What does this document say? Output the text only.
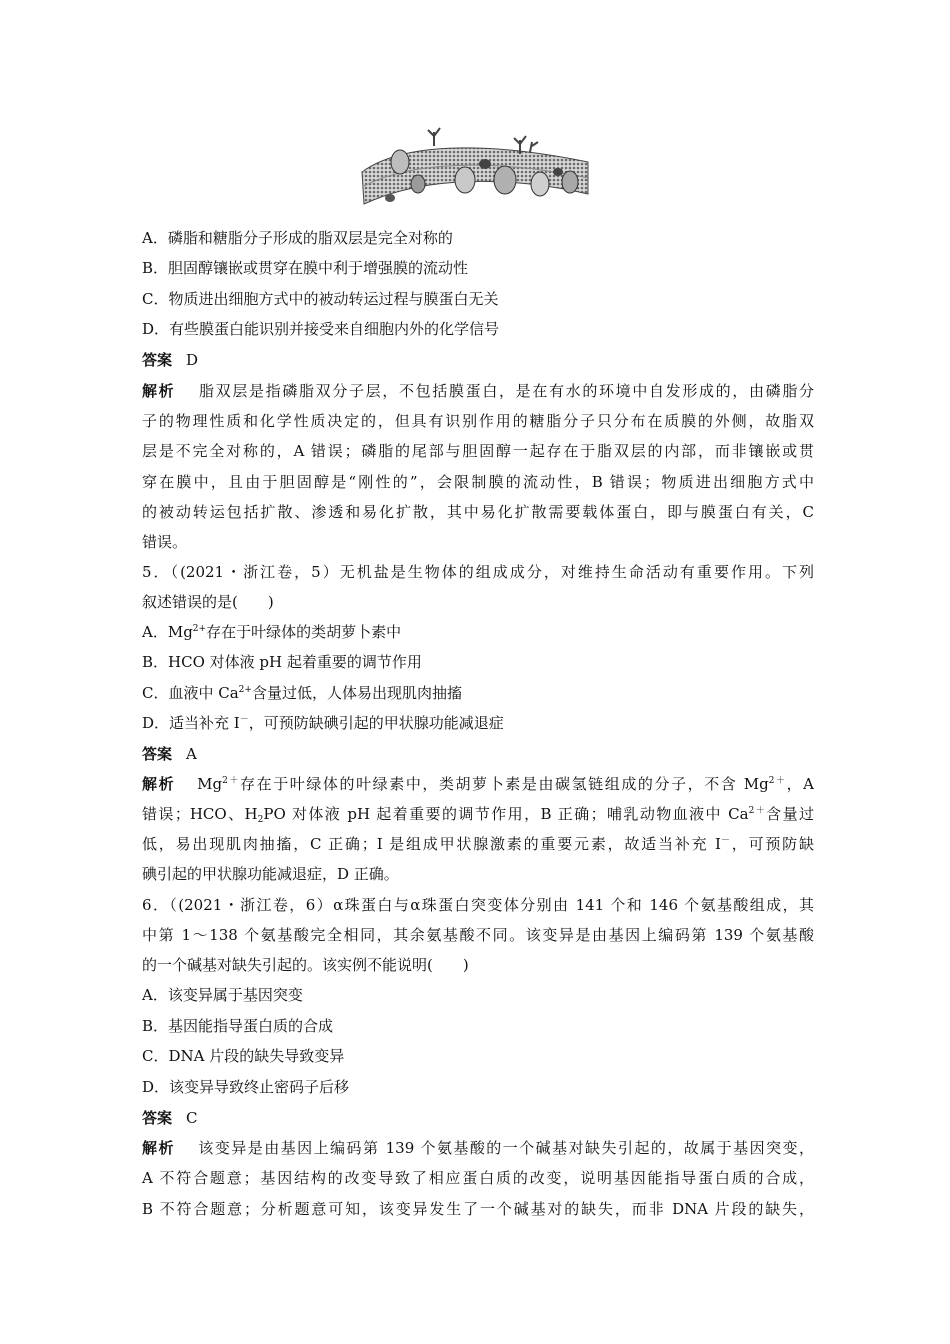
A．磷脂和糖脂分子形成的脂双层是完全对称的
B．胆固醇镶嵌或贯穿在膜中利于增强膜的流动性
C．物质进出细胞方式中的被动转运过程与膜蛋白无关
D．有些膜蛋白能识别并接受来自细胞内外的化学信号
答案 D
解析 脂双层是指磷脂双分子层，不包括膜蛋白，是在有水的环境中自发形成的，由磷脂分
子的物理性质和化学性质决定的，但具有识别作用的糖脂分子只分布在质膜的外侧，故脂双
层是不完全对称的，A 错误；磷脂的尾部与胆固醇一起存在于脂双层的内部，而非镶嵌或贯
穿在膜中，且由于胆固醇是“刚性的”，会限制膜的流动性，B 错误；物质进出细胞方式中
的被动转运包括扩散、渗透和易化扩散，其中易化扩散需要载体蛋白，即与膜蛋白有关，C
错误。
5．（(2021・浙江卷，5）无机盐是生物体的组成成分，对维持生命活动有重要作用。下列
叙述错误的是(　　)
A．$Mg^{2+}$存在于叶绿体的类胡萝卜素中
B．HCO 对体液 pH 起着重要的调节作用
C．血液中 $Ca^{2+}$含量过低，人体易出现肌肉抽搐
D．适当补充 I－，可预防缺碘引起的甲状腺功能减退症
答案 A
解析 $Mg^{2+}$存在于叶绿体的叶绿素中，类胡萝卜素是由碳氢链组成的分子，不含 $Mg^{2+}$，A
错误；HCO、$H_2PO$ 对体液 pH 起着重要的调节作用，B 正确；哺乳动物血液中 $Ca^{2+}$含量过
低，易出现肌肉抽搐，C 正确；I 是组成甲状腺激素的重要元素，故适当补充 I－，可预防缺
碘引起的甲状腺功能减退症，D 正确。
6．（(2021・浙江卷，6）α珠蛋白与α珠蛋白突变体分别由 141 个和 146 个氨基酸组成，其
中第 1～138 个氨基酸完全相同，其余氨基酸不同。该变异是由基因上编码第 139 个氨基酸
的一个碱基对缺失引起的。该实例不能说明(　　)
A．该变异属于基因突变
B．基因能指导蛋白质的合成
C．DNA 片段的缺失导致变异
D．该变异导致终止密码子后移
答案 C
解析 该变异是由基因上编码第 139 个氨基酸的一个碱基对缺失引起的，故属于基因突变，
A 不符合题意；基因结构的改变导致了相应蛋白质的改变，说明基因能指导蛋白质的合成，
B 不符合题意；分析题意可知，该变异发生了一个碱基对的缺失，而非 DNA 片段的缺失，
